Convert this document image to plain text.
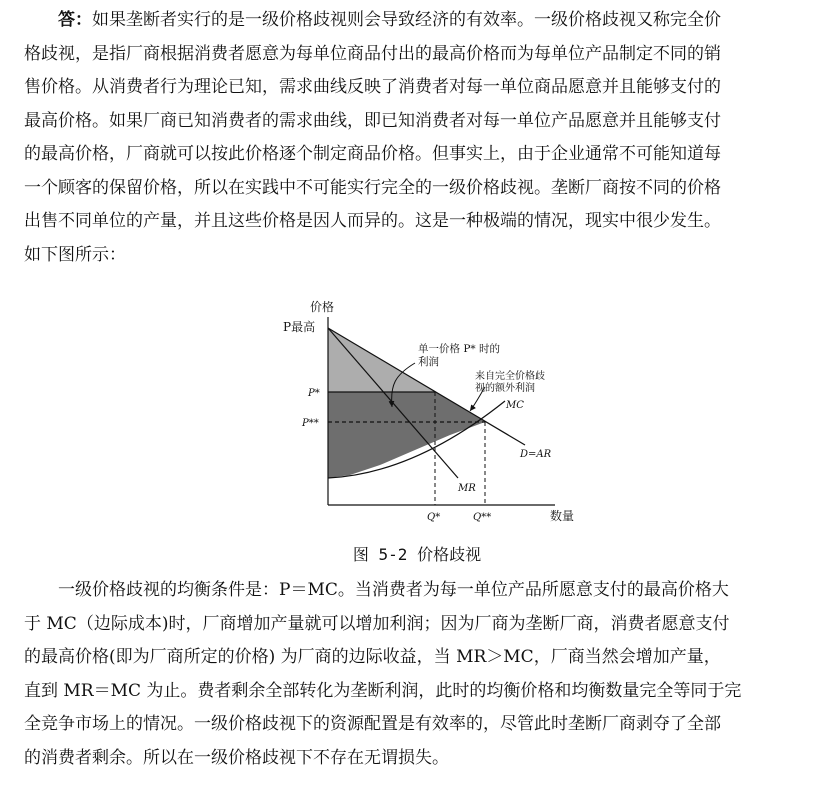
答：如果垄断者实行的是一级价格歧视则会导致经济的有效率。一级价格歧视又称完全价
格歧视，是指厂商根据消费者愿意为每单位商品付出的最高价格而为每单位产品制定不同的销
售价格。从消费者行为理论已知，需求曲线反映了消费者对每一单位商品愿意并且能够支付的
最高价格。如果厂商已知消费者的需求曲线，即已知消费者对每一单位产品愿意并且能够支付
的最高价格，厂商就可以按此价格逐个制定商品价格。但事实上，由于企业通常不可能知道每
一个顾客的保留价格，所以在实践中不可能实行完全的一级价格歧视。垄断厂商按不同的价格
出售不同单位的产量，并且这些价格是因人而异的。这是一种极端的情况，现实中很少发生。
如下图所示：
价格
P最高
P*
P**
Q*	Q**	数量
单一价格 P* 时的
利润
来自完全价格歧
视的额外利润
MC
MR
D=AR
图 5-2 价格歧视
一级价格歧视的均衡条件是：P＝MC。当消费者为每一单位产品所愿意支付的最高价格大
于 MC（边际成本)时，厂商增加产量就可以增加利润；因为厂商为垄断厂商，消费者愿意支付
的最高价格(即为厂商所定的价格) 为厂商的边际收益，当 MR＞MC，厂商当然会增加产量，
直到 MR＝MC 为止。费者剩余全部转化为垄断利润，此时的均衡价格和均衡数量完全等同于完
全竞争市场上的情况。一级价格歧视下的资源配置是有效率的，尽管此时垄断厂商剥夺了全部
的消费者剩余。所以在一级价格歧视下不存在无谓损失。
